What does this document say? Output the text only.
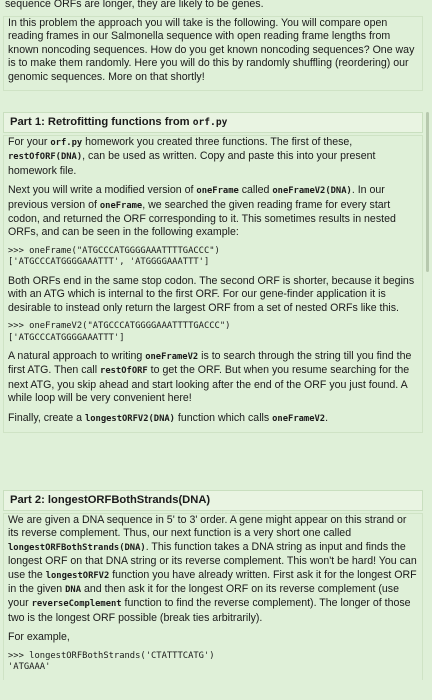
sequence ORFs are longer, they are likely to be genes.

In this problem the approach you will take is the following. You will compare open reading frames in our Salmonella sequence with open reading frame lengths from known noncoding sequences. How do you get known noncoding sequences? One way is to make them randomly. Here you will do this by randomly shuffling (reordering) our genomic sequences. More on that shortly!

Part 1: Retrofitting functions from orf.py

For your orf.py homework you created three functions. The first of these, restOfORF(DNA), can be used as written. Copy and paste this into your present homework file.

Next you will write a modified version of oneFrame called oneFrameV2(DNA). In our previous version of oneFrame, we searched the given reading frame for every start codon, and returned the ORF corresponding to it. This sometimes results in nested ORFs, and can be seen in the following example:

>>> oneFrame("ATGCCCATGGGGAAATTTTGACCC")
['ATGCCCATGGGGAAATTT', 'ATGGGGAAATTT']

Both ORFs end in the same stop codon. The second ORF is shorter, because it begins with an ATG which is internal to the first ORF. For our gene-finder application it is desirable to instead only return the largest ORF from a set of nested ORFs like this.

>>> oneFrameV2("ATGCCCATGGGGAAATTTTGACCC")
['ATGCCCATGGGGAAATTT']

A natural approach to writing oneFrameV2 is to search through the string till you find the first ATG. Then call restOfORF to get the ORF. But when you resume searching for the next ATG, you skip ahead and start looking after the end of the ORF you just found. A while loop will be very convenient here!

Finally, create a longestORFV2(DNA) function which calls oneFrameV2.

Part 2: longestORFBothStrands(DNA)

We are given a DNA sequence in 5' to 3' order. A gene might appear on this strand or its reverse complement. Thus, our next function is a very short one called longestORFBothStrands(DNA). This function takes a DNA string as input and finds the longest ORF on that DNA string or its reverse complement. This won't be hard! You can use the longestORFV2 function you have already written. First ask it for the longest ORF in the given DNA and then ask it for the longest ORF on its reverse complement (use your reverseComplement function to find the reverse complement). The longer of those two is the longest ORF possible (break ties arbitrarily).

For example,

>>> longestORFBothStrands('CTATTTCATG')
'ATGAAA'
